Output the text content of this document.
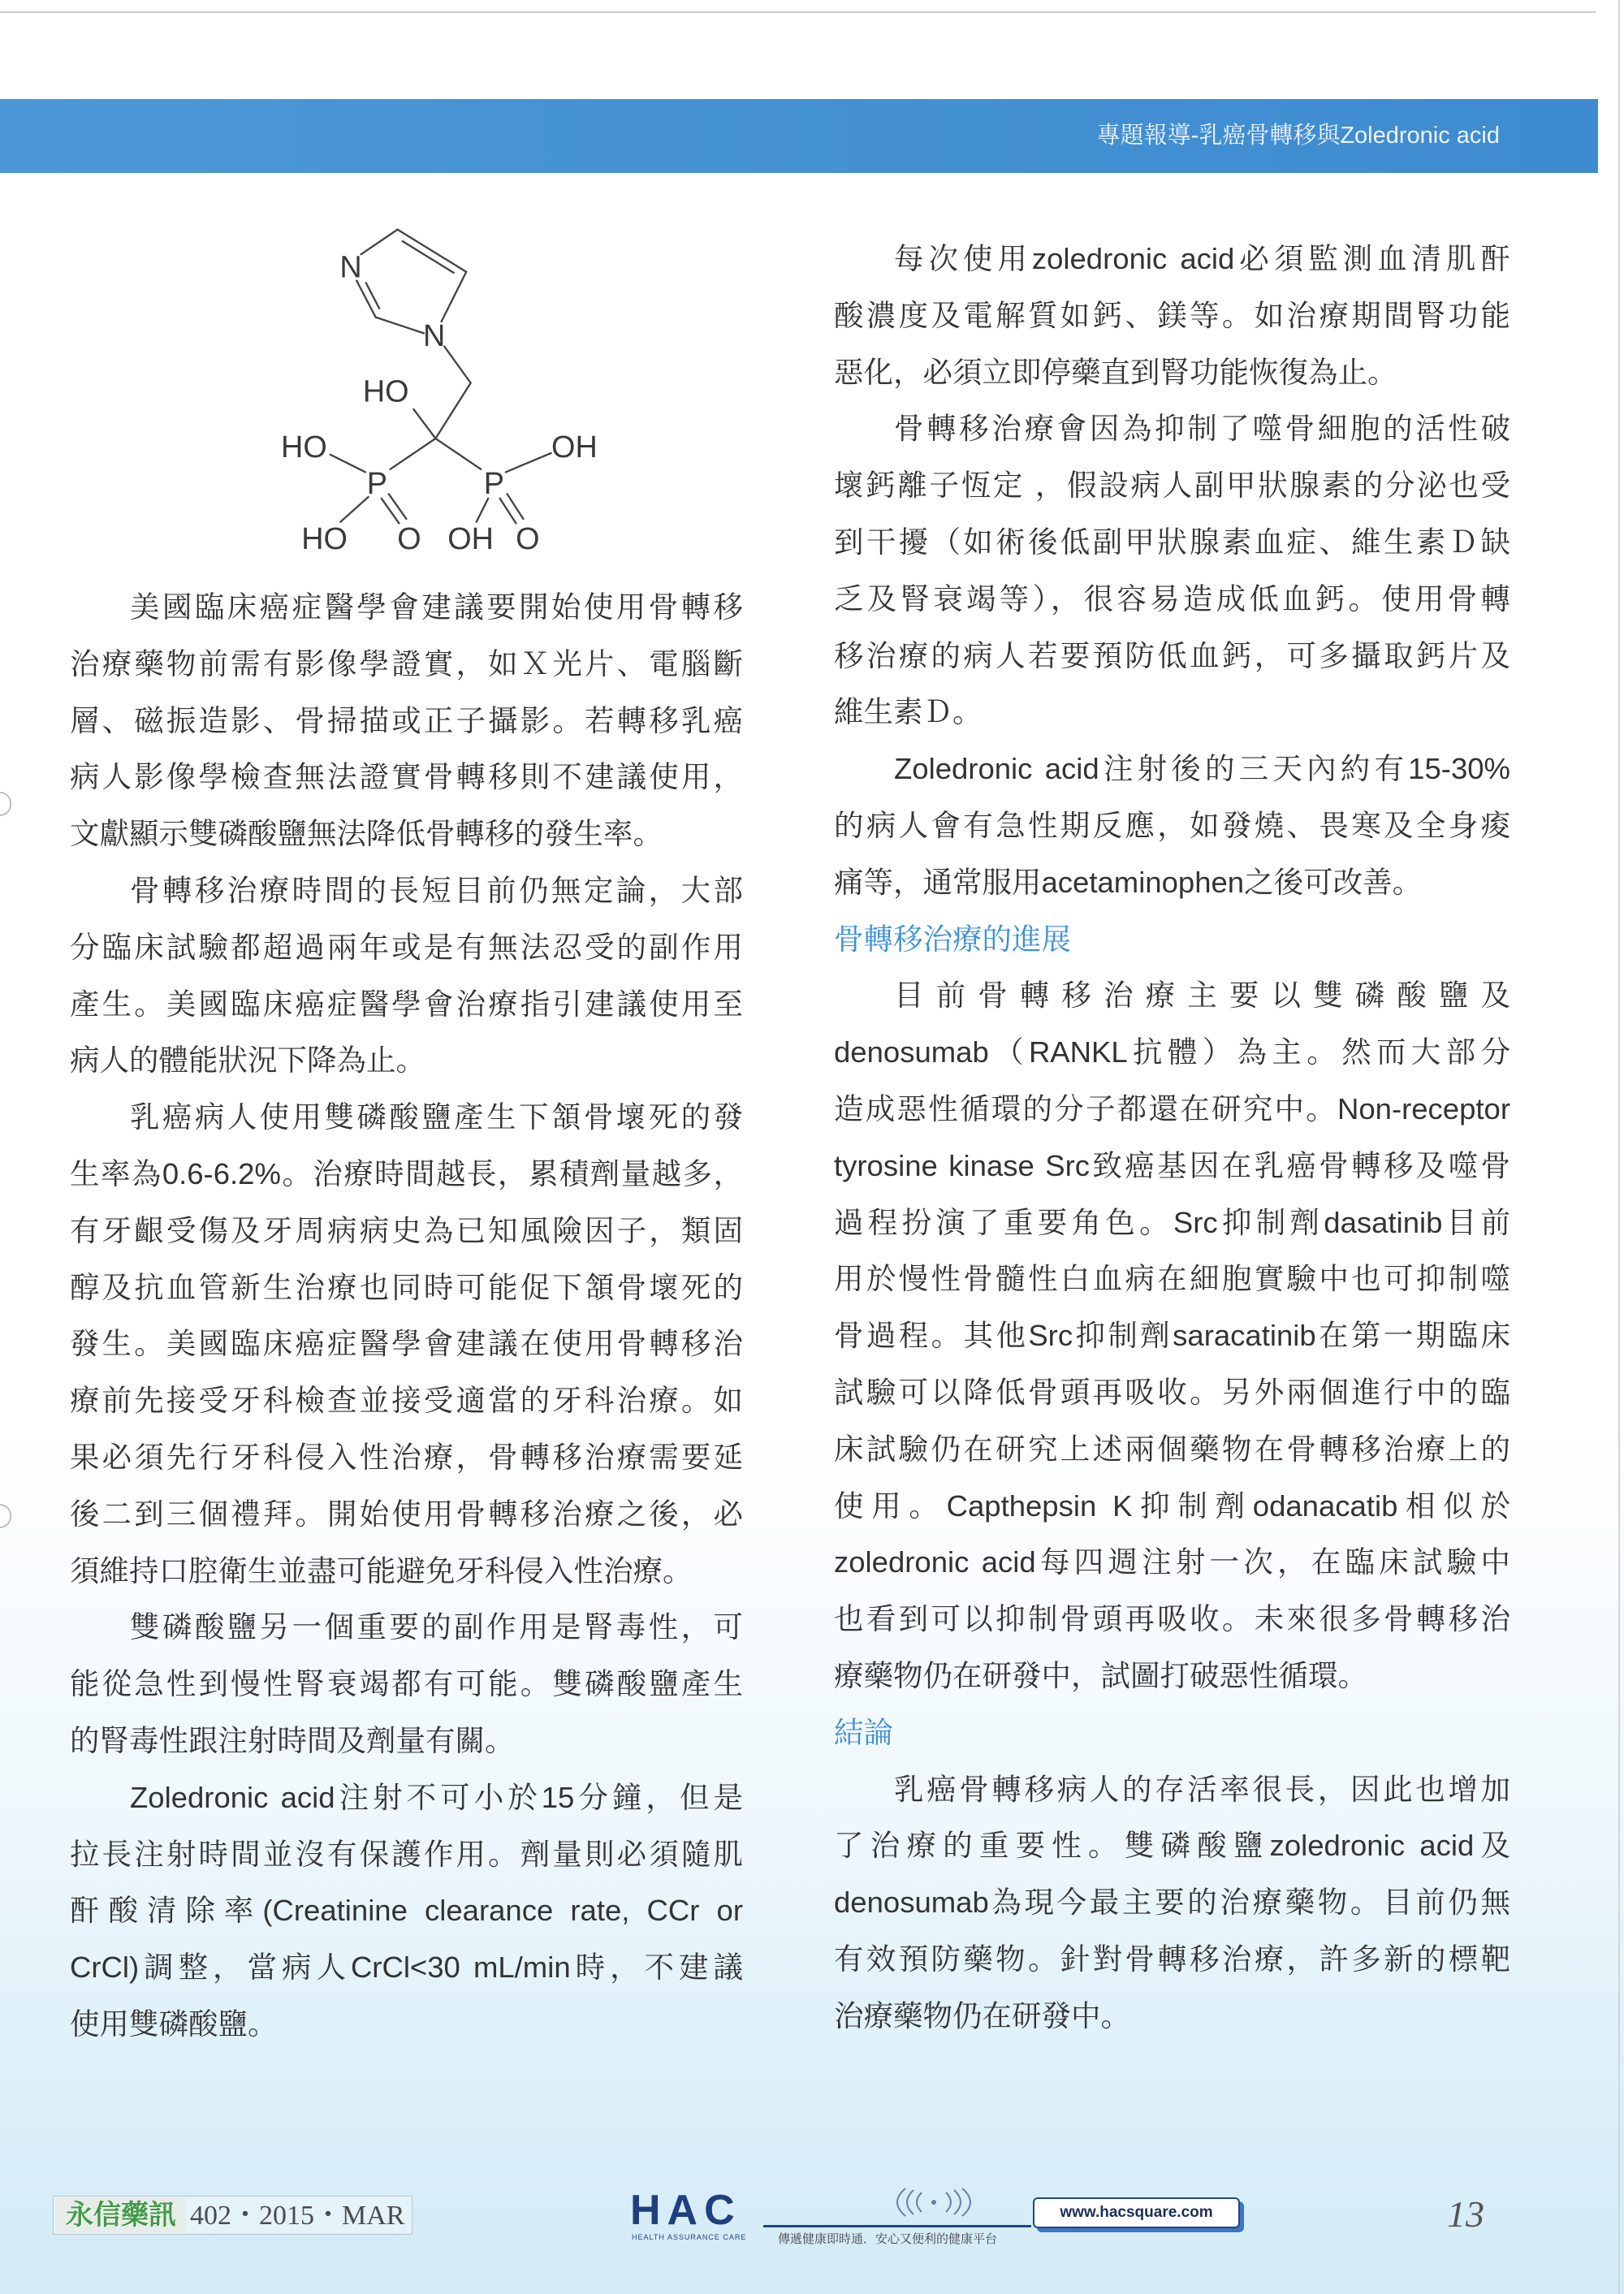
專題報導-乳癌骨轉移與Zoledronic acid
N
N
HO
HO
P	P
OH
HO	O OH O
美國臨床癌症醫學會建議要開始使用骨轉移
治療藥物前需有影像學證實，如Ｘ光片、電腦斷
層、磁振造影、骨掃描或正子攝影。若轉移乳癌
病人影像學檢查無法證實骨轉移則不建議使用，
文獻顯示雙磷酸鹽無法降低骨轉移的發生率。
骨轉移治療時間的長短目前仍無定論，大部
分臨床試驗都超過兩年或是有無法忍受的副作用
產生。美國臨床癌症醫學會治療指引建議使用至
病人的體能狀況下降為止。
乳癌病人使用雙磷酸鹽產生下頷骨壞死的發
生率為0.6-6.2%。治療時間越長，累積劑量越多，
有牙齦受傷及牙周病病史為已知風險因子，類固
醇及抗血管新生治療也同時可能促下頷骨壞死的
發生。美國臨床癌症醫學會建議在使用骨轉移治
療前先接受牙科檢查並接受適當的牙科治療。如
果必須先行牙科侵入性治療，骨轉移治療需要延
後二到三個禮拜。開始使用骨轉移治療之後，必
須維持口腔衛生並盡可能避免牙科侵入性治療。
雙磷酸鹽另一個重要的副作用是腎毒性，可
能從急性到慢性腎衰竭都有可能。雙磷酸鹽產生
的腎毒性跟注射時間及劑量有關。
Zoledronic acid注射不可小於15分鐘，但是
拉長注射時間並沒有保護作用。劑量則必須隨肌
酐酸清除率(Creatinine clearance rate, CCr or
CrCl)調整，當病人CrCl<30 mL/min時，不建議
使用雙磷酸鹽。
每次使用zoledronic acid必須監測血清肌酐
酸濃度及電解質如鈣、鎂等。如治療期間腎功能
惡化，必須立即停藥直到腎功能恢復為止。
骨轉移治療會因為抑制了噬骨細胞的活性破
壞鈣離子恆定 ，假設病人副甲狀腺素的分泌也受
到干擾（如術後低副甲狀腺素血症、維生素Ｄ缺
乏及腎衰竭等），很容易造成低血鈣。使用骨轉
移治療的病人若要預防低血鈣，可多攝取鈣片及
維生素Ｄ。
Zoledronic acid注射後的三天內約有15-30%
的病人會有急性期反應，如發燒、畏寒及全身痠
痛等，通常服用acetaminophen之後可改善。
骨轉移治療的進展
目前骨轉移治療主要以雙磷酸鹽及
denosumab（RANKL抗體）為主。然而大部分
造成惡性循環的分子都還在研究中。Non-receptor
tyrosine kinase Src致癌基因在乳癌骨轉移及噬骨
過程扮演了重要角色。Src抑制劑dasatinib目前
用於慢性骨髓性白血病在細胞實驗中也可抑制噬
骨過程。其他Src抑制劑saracatinib在第一期臨床
試驗可以降低骨頭再吸收。另外兩個進行中的臨
床試驗仍在研究上述兩個藥物在骨轉移治療上的
使用。Capthepsin K抑制劑odanacatib相似於
zoledronic acid每四週注射一次，在臨床試驗中
也看到可以抑制骨頭再吸收。未來很多骨轉移治
療藥物仍在研發中，試圖打破惡性循環。
結論
乳癌骨轉移病人的存活率很長，因此也增加
了治療的重要性。雙磷酸鹽zoledronic acid及
denosumab為現今最主要的治療藥物。目前仍無
有效預防藥物。針對骨轉移治療，許多新的標靶
治療藥物仍在研發中。
永信藥訊 402・2015・MAR	HAC
HEALTH ASSURANCE CARE	傳遞健康即時通．安心又便利的健康平台
www.hacsquare.com	13
